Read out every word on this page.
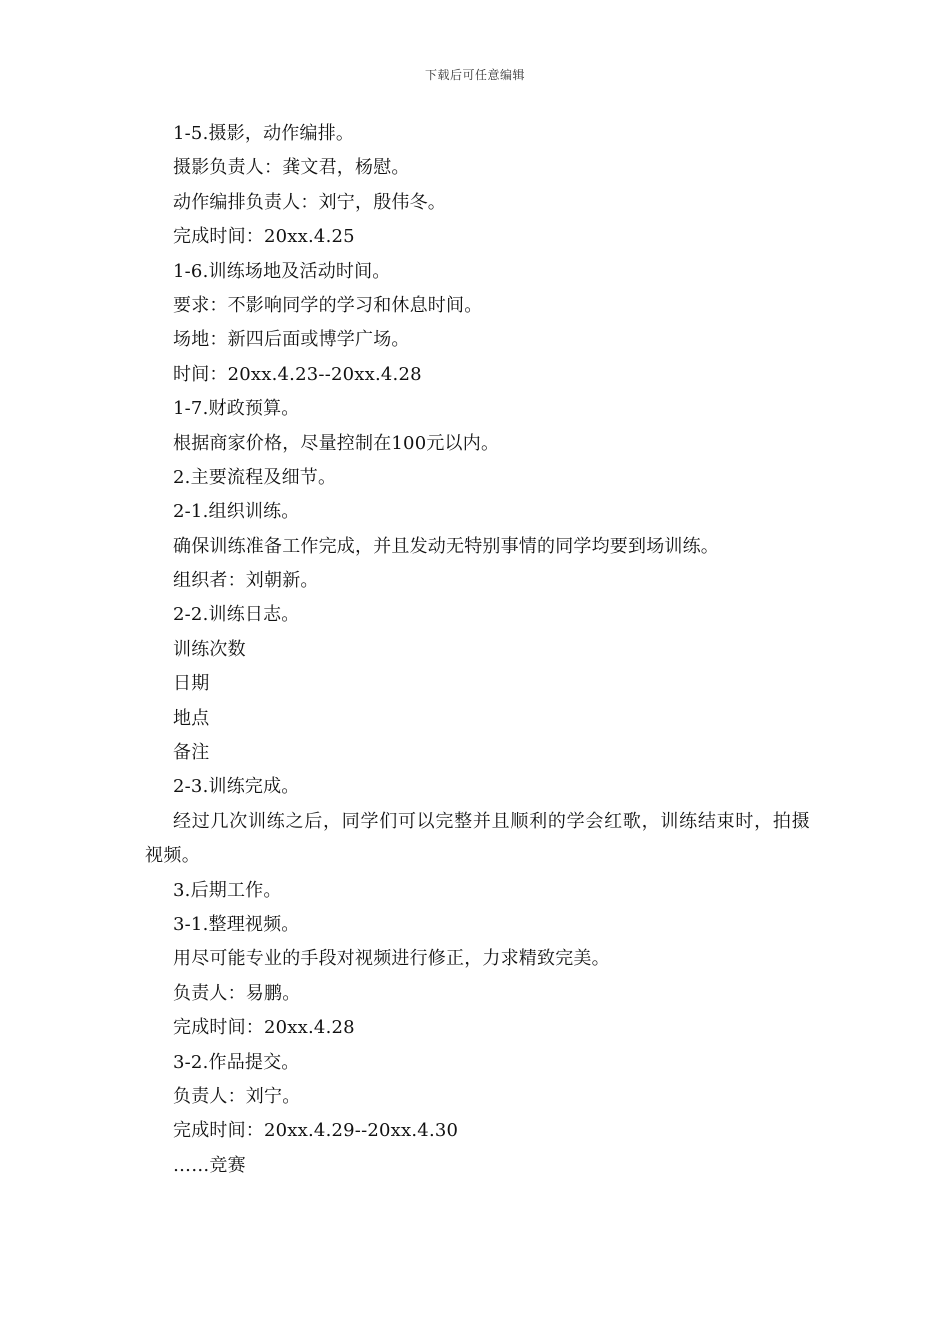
下载后可任意编辑
1-5.摄影，动作编排。
摄影负责人：龚文君，杨慰。
动作编排负责人：刘宁，殷伟冬。
完成时间：20xx.4.25
1-6.训练场地及活动时间。
要求：不影响同学的学习和休息时间。
场地：新四后面或博学广场。
时间：20xx.4.23--20xx.4.28
1-7.财政预算。
根据商家价格，尽量控制在100元以内。
2.主要流程及细节。
2-1.组织训练。
确保训练准备工作完成，并且发动无特别事情的同学均要到场训练。
组织者：刘朝新。
2-2.训练日志。
训练次数
日期
地点
备注
2-3.训练完成。
经过几次训练之后，同学们可以完整并且顺利的学会红歌，训练结束时，拍摄视频。
3.后期工作。
3-1.整理视频。
用尽可能专业的手段对视频进行修正，力求精致完美。
负责人：易鹏。
完成时间：20xx.4.28
3-2.作品提交。
负责人：刘宁。
完成时间：20xx.4.29--20xx.4.30
……竞赛
